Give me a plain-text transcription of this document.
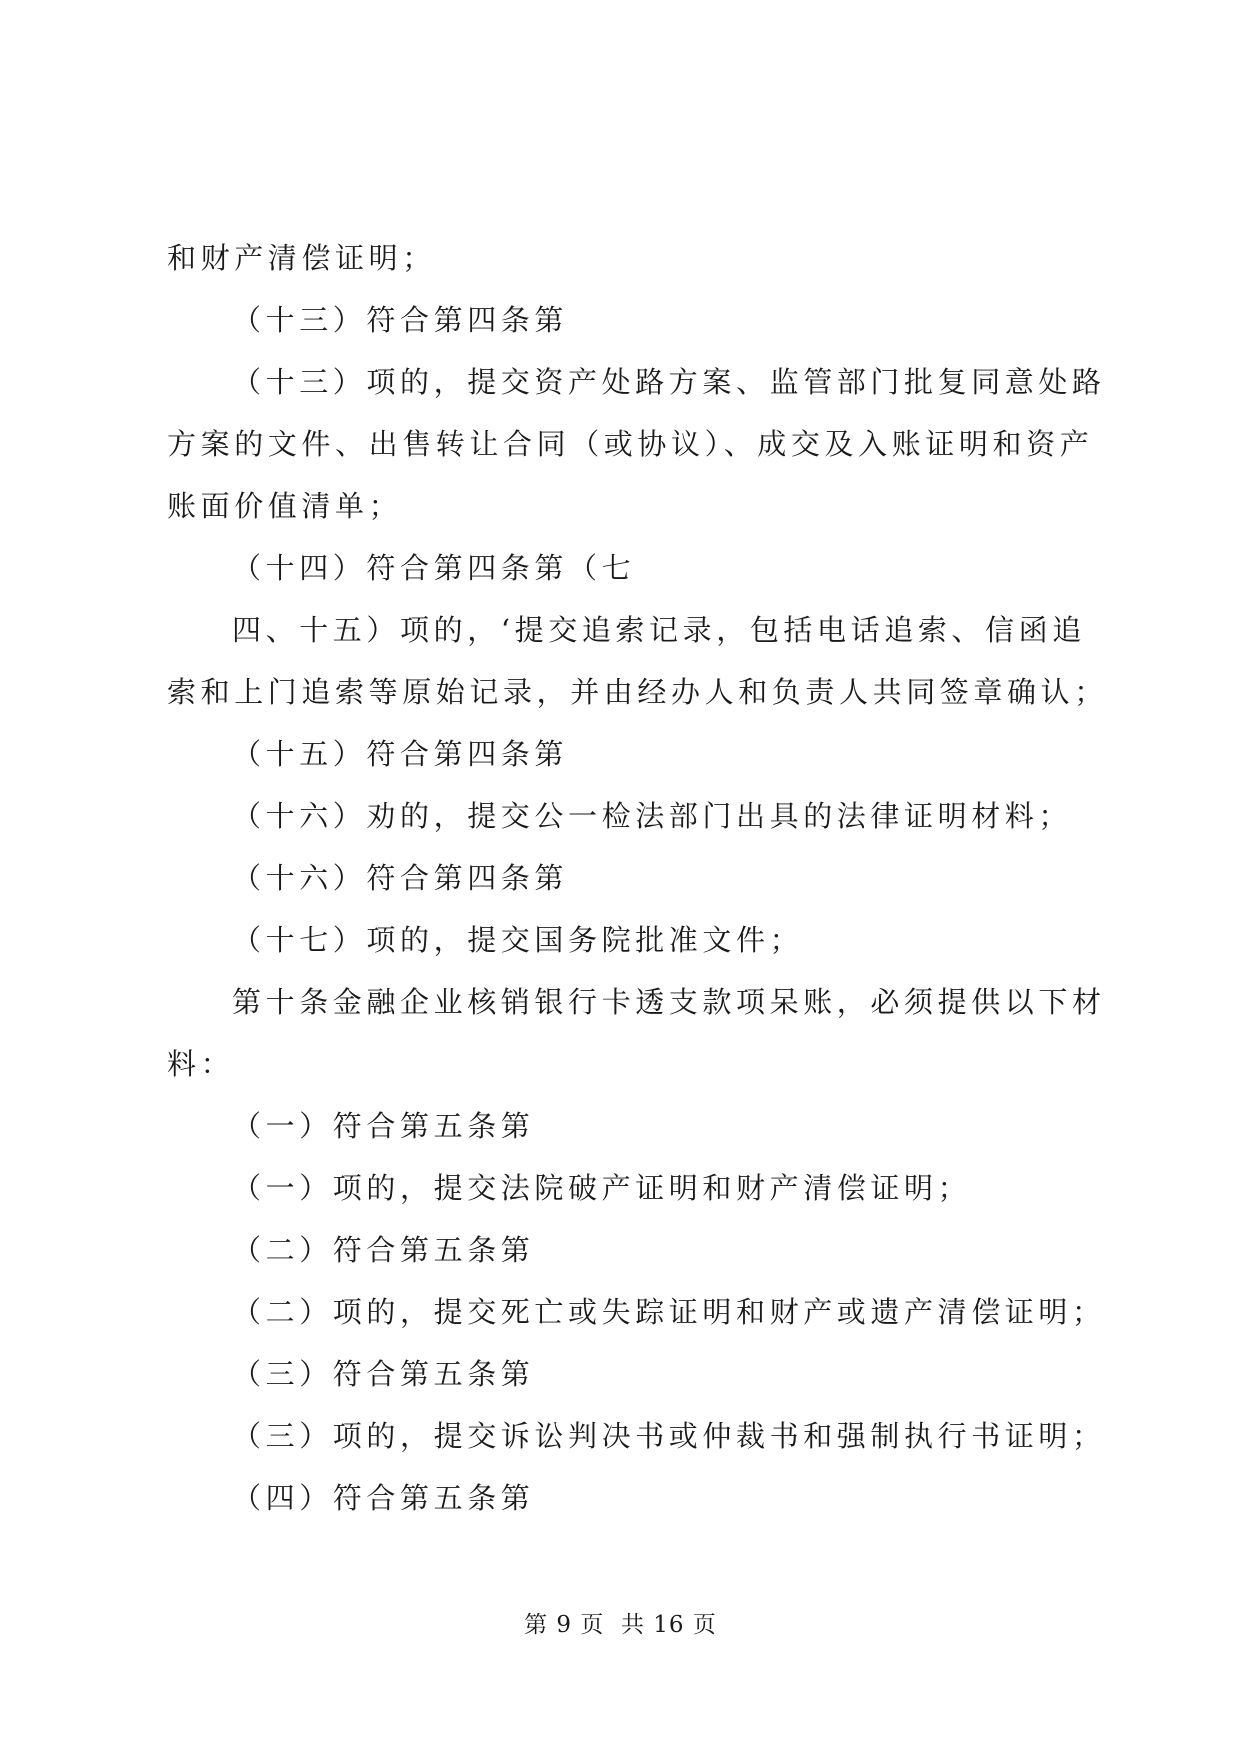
和财产清偿证明；
（十三）符合第四条第
（十三）项的，提交资产处路方案、监管部门批复同意处路
方案的文件、出售转让合同（或协议）、成交及入账证明和资产
账面价值清单；
（十四）符合第四条第（七
四、十五）项的，‘提交追索记录，包括电话追索、信函追
索和上门追索等原始记录，并由经办人和负责人共同签章确认；
（十五）符合第四条第
（十六）劝的，提交公一检法部门出具的法律证明材料；
（十六）符合第四条第
（十七）项的，提交国务院批准文件；
第十条金融企业核销银行卡透支款项呆账，必须提供以下材
料：
（一）符合第五条第
（一）项的，提交法院破产证明和财产清偿证明；
（二）符合第五条第
（二）项的，提交死亡或失踪证明和财产或遗产清偿证明；
（三）符合第五条第
（三）项的，提交诉讼判决书或仲裁书和强制执行书证明；
（四）符合第五条第
第 9 页  共 16 页
